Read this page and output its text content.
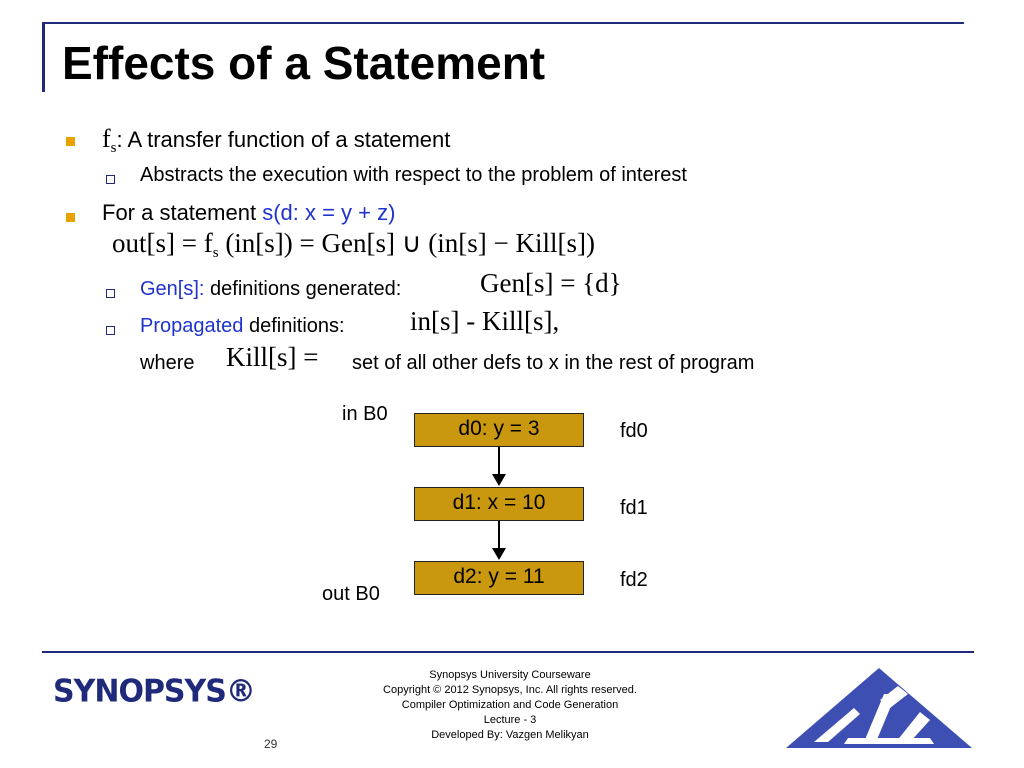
Effects of a Statement
$f_s$: A transfer function of a statement
Abstracts the execution with respect to the problem of interest
For a statement s(d: x = y + z)
$out[s] = f_s$ (in[s]) = Gen[s] ∪ (in[s] − Kill[s])
Gen[s]: definitions generated:	Gen[s] = {d}
Propagated definitions: in[s] - Kill[s],
where Kill[s] = set of all other defs to x in the rest of program
in B0
d0: y = 3	fd0
d1: x = 10	fd1
d2: y = 11	fd2
out B0
SYNOPSYS®	Synopsys University Courseware
Copyright © 2012 Synopsys, Inc. All rights reserved.
Compiler Optimization and Code Generation
Lecture - 3
Developed By: Vazgen Melikyan
29
